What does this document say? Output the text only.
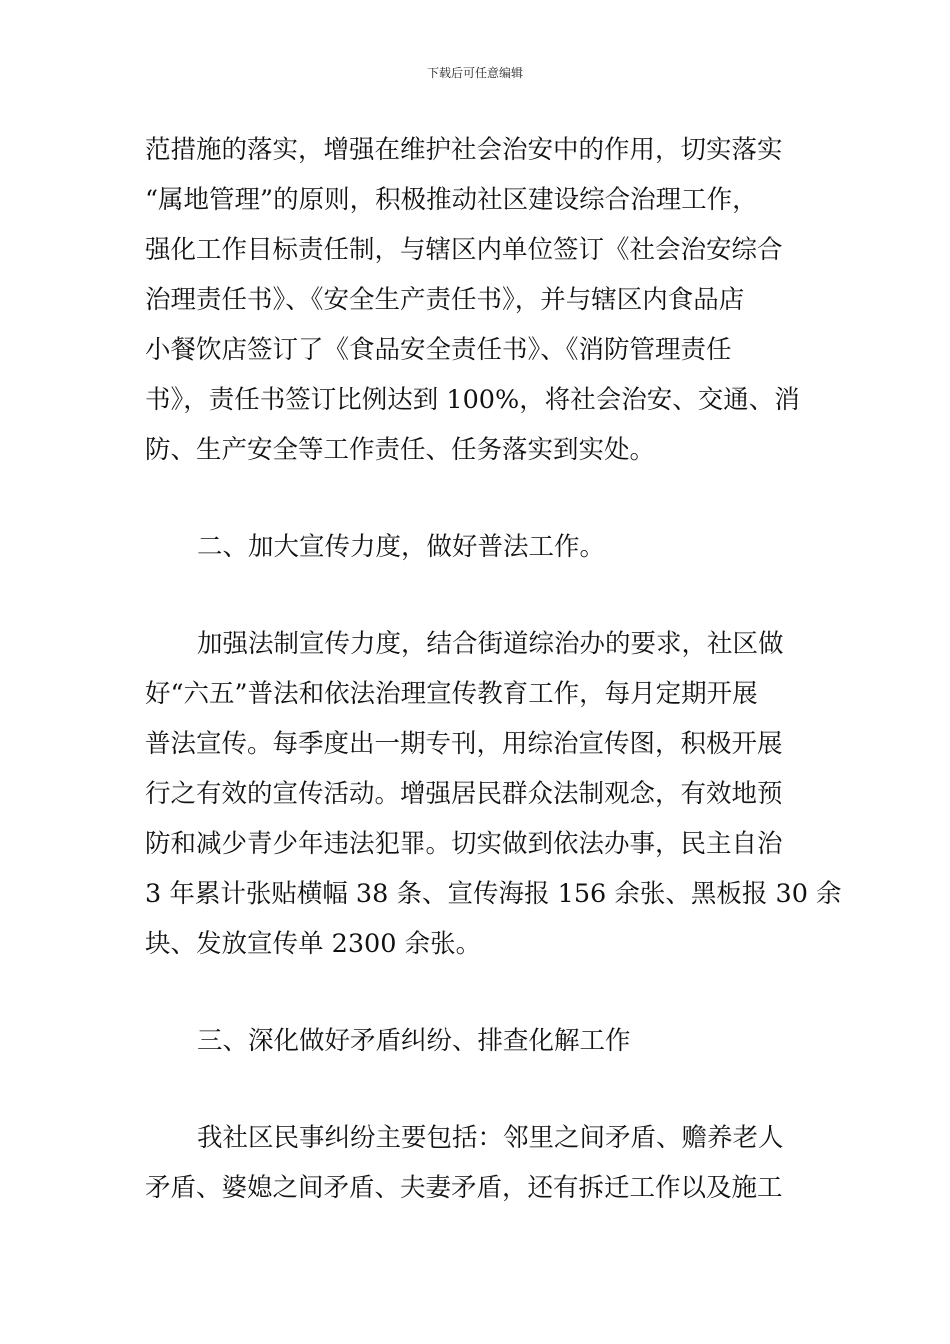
下载后可任意编辑
范措施的落实，增强在维护社会治安中的作用，切实落实
“属地管理”的原则，积极推动社区建设综合治理工作，
强化工作目标责任制，与辖区内单位签订《社会治安综合
治理责任书》、《安全生产责任书》，并与辖区内食品店
小餐饮店签订了《食品安全责任书》、《消防管理责任
书》，责任书签订比例达到 100%，将社会治安、交通、消
防、生产安全等工作责任、任务落实到实处。
二、加大宣传力度，做好普法工作。
加强法制宣传力度，结合街道综治办的要求，社区做
好“六五”普法和依法治理宣传教育工作，每月定期开展
普法宣传。每季度出一期专刊，用综治宣传图，积极开展
行之有效的宣传活动。增强居民群众法制观念，有效地预
防和减少青少年违法犯罪。切实做到依法办事，民主自治
3 年累计张贴横幅 38 条、宣传海报 156 余张、黑板报 30 余
块、发放宣传单 2300 余张。
三、深化做好矛盾纠纷、排查化解工作
我社区民事纠纷主要包括：邻里之间矛盾、赡养老人
矛盾、婆媳之间矛盾、夫妻矛盾，还有拆迁工作以及施工
